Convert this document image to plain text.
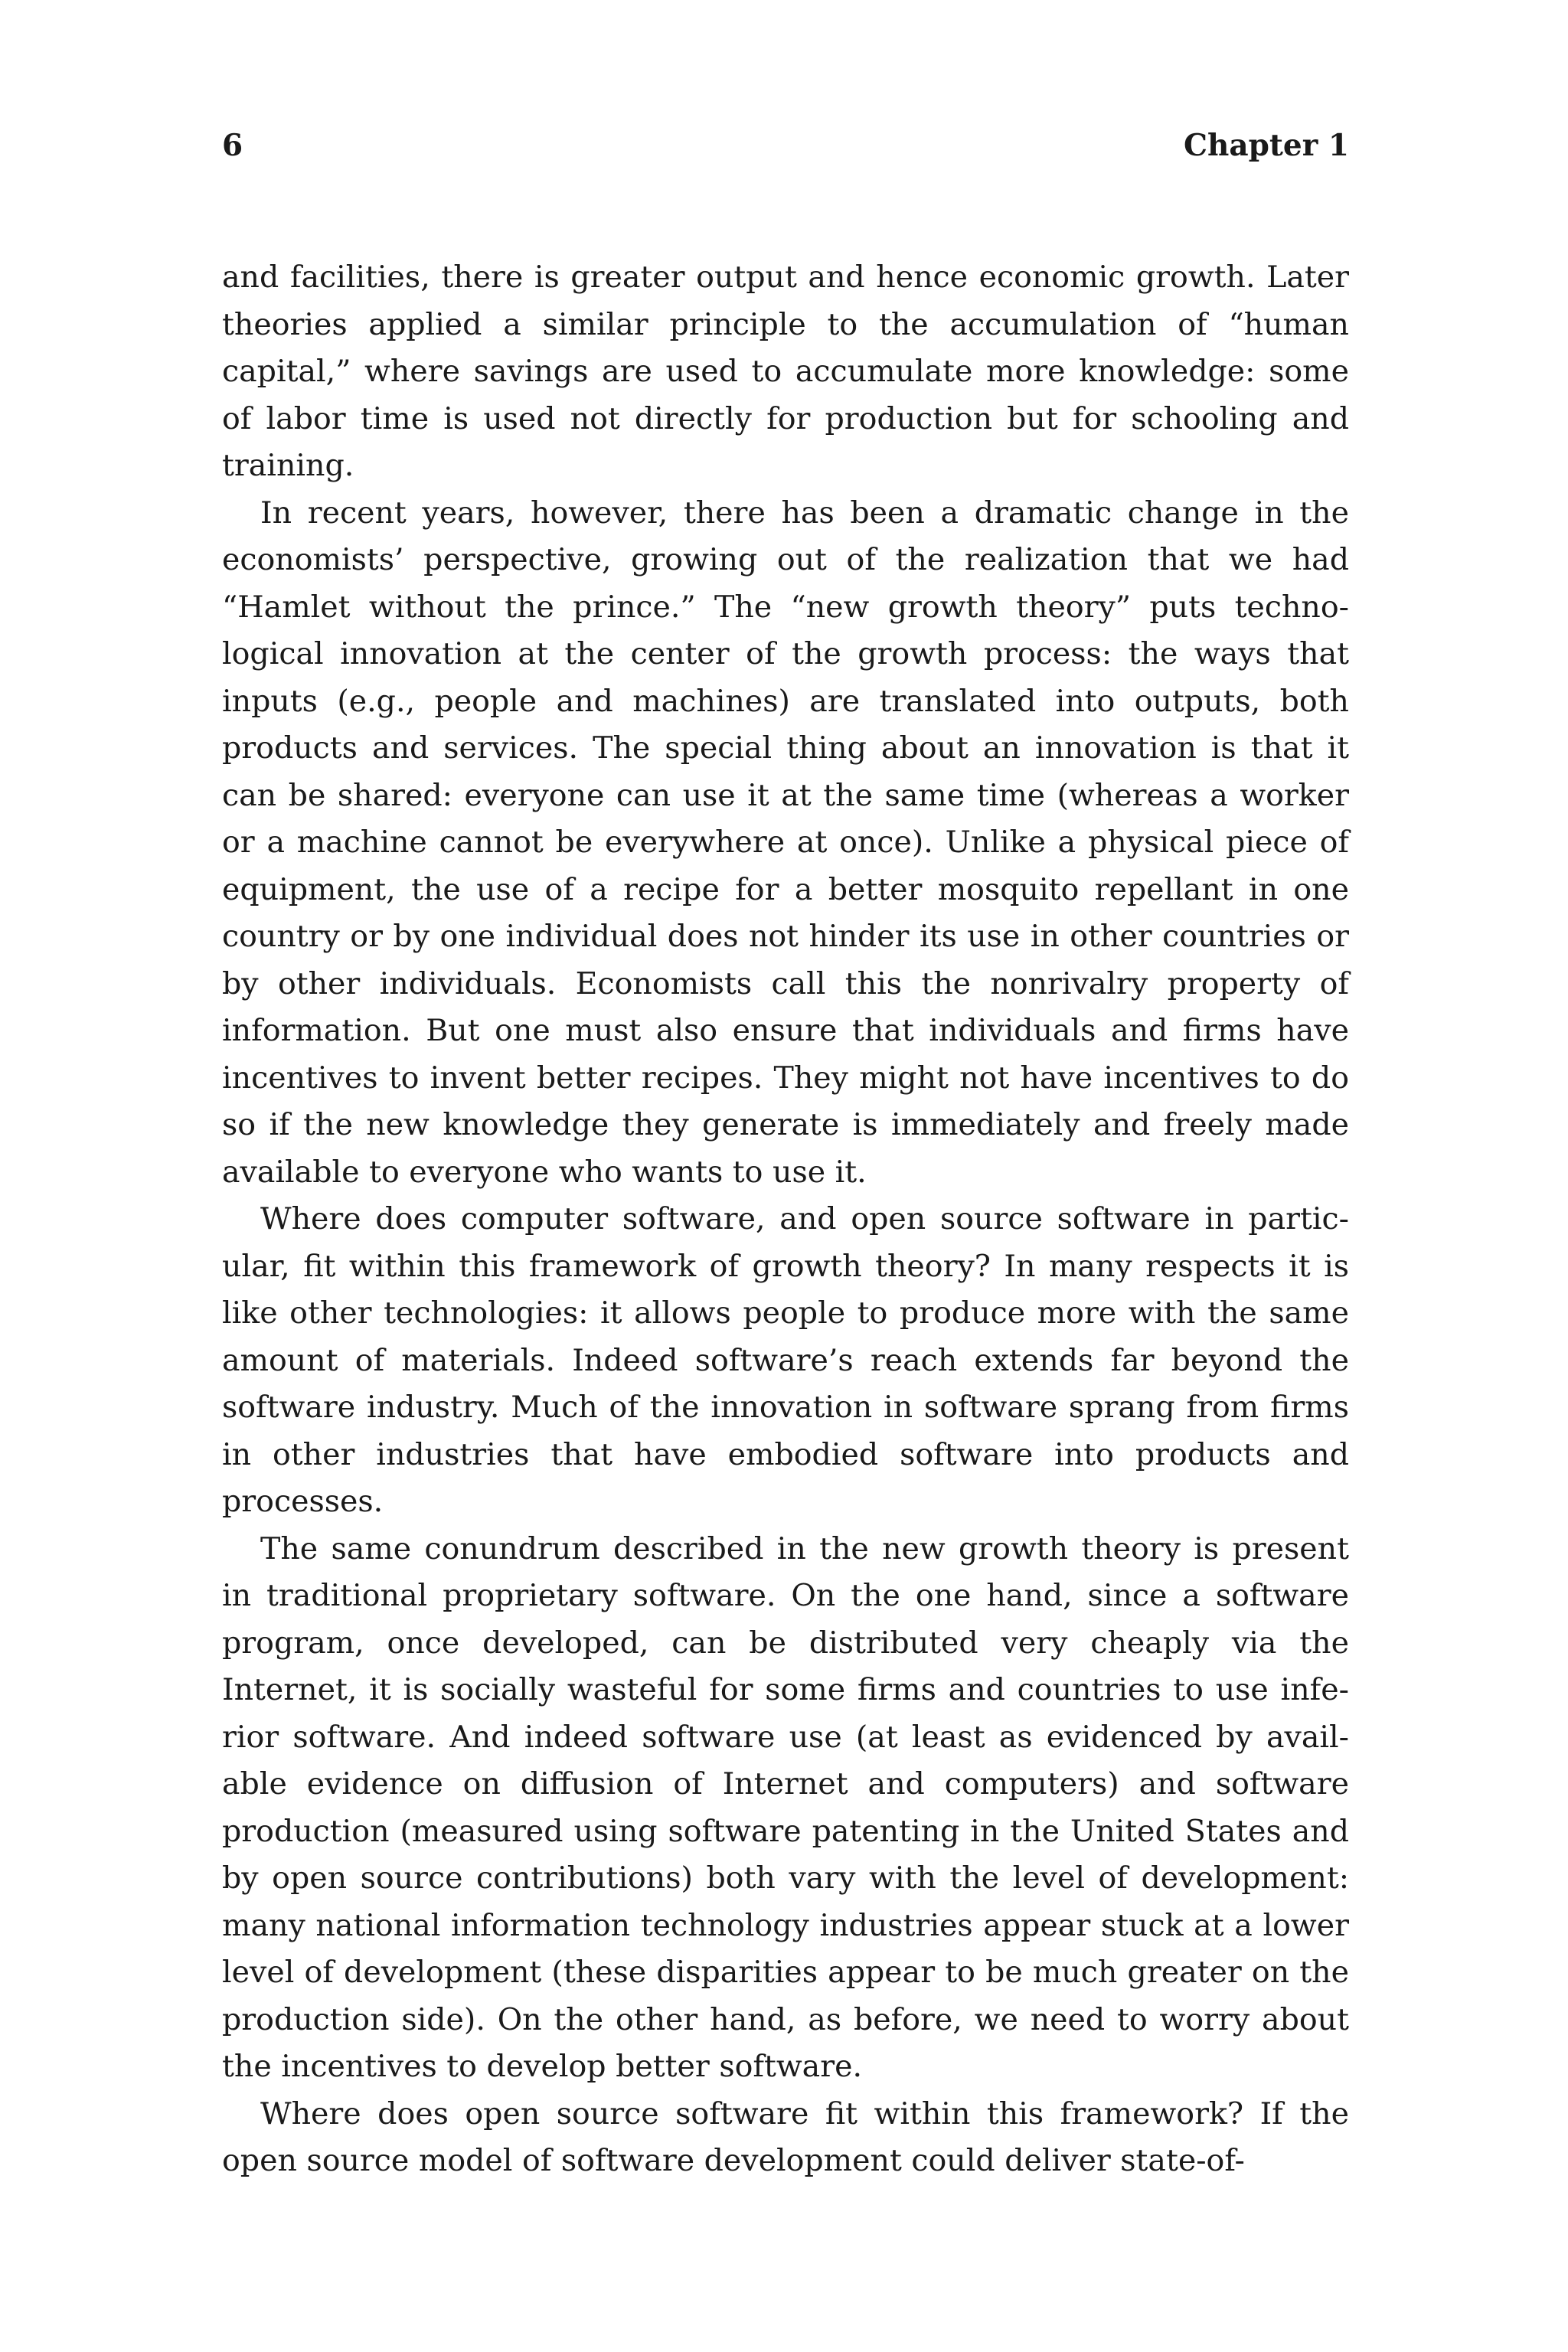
6	Chapter 1

and facilities, there is greater output and hence economic growth. Later theories applied a similar principle to the accumulation of “human capital,” where savings are used to accumulate more knowledge: some of labor time is used not directly for production but for schooling and training.

In recent years, however, there has been a dramatic change in the economists’ perspective, growing out of the realization that we had “Hamlet without the prince.” The “new growth theory” puts technological innovation at the center of the growth process: the ways that inputs (e.g., people and machines) are translated into outputs, both products and services. The special thing about an innovation is that it can be shared: everyone can use it at the same time (whereas a worker or a machine cannot be everywhere at once). Unlike a physical piece of equipment, the use of a recipe for a better mosquito repellant in one country or by one individual does not hinder its use in other countries or by other individuals. Economists call this the nonrivalry property of information. But one must also ensure that individuals and firms have incentives to invent better recipes. They might not have incentives to do so if the new knowledge they generate is immediately and freely made available to everyone who wants to use it.

Where does computer software, and open source software in particular, fit within this framework of growth theory? In many respects it is like other technologies: it allows people to produce more with the same amount of materials. Indeed software’s reach extends far beyond the software industry. Much of the innovation in software sprang from firms in other industries that have embodied software into products and processes.

The same conundrum described in the new growth theory is present in traditional proprietary software. On the one hand, since a software program, once developed, can be distributed very cheaply via the Internet, it is socially wasteful for some firms and countries to use inferior software. And indeed software use (at least as evidenced by available evidence on diffusion of Internet and computers) and software production (measured using software patenting in the United States and by open source contributions) both vary with the level of development: many national information technology industries appear stuck at a lower level of development (these disparities appear to be much greater on the production side). On the other hand, as before, we need to worry about the incentives to develop better software.

Where does open source software fit within this framework? If the open source model of software development could deliver state-of-
